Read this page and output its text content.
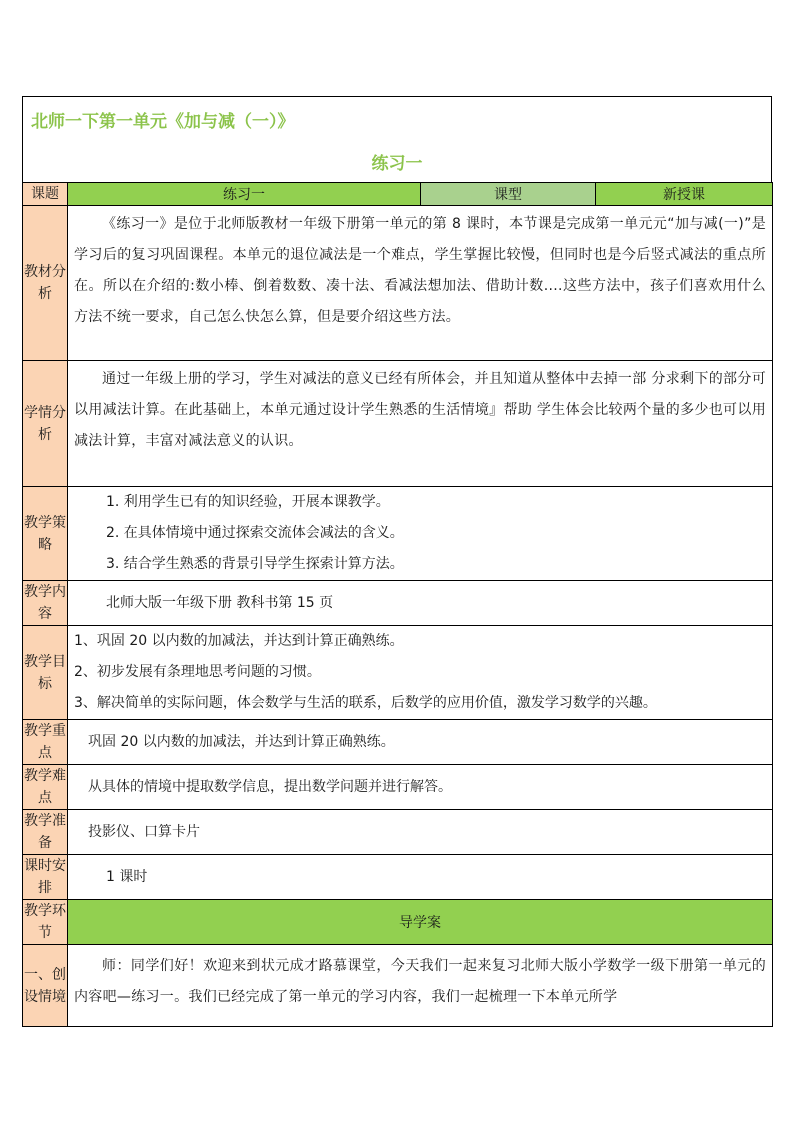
北师一下第一单元《加与减（一）》
练习一
课题	练习一	课型	新授课
教材分析	《练习一》是位于北师版教材一年级下册第一单元的第 8 课时，本节课是完成第一单元元“加与减(一)”是学习后的复习巩固课程。本单元的退位减法是一个难点，学生掌握比较慢，但同时也是今后竖式减法的重点所在。所以在介绍的:数小棒、倒着数数、凑十法、看减法想加法、借助计数....这些方法中，孩子们喜欢用什么方法不统一要求，自己怎么快怎么算，但是要介绍这些方法。		

学情分析	通过一年级上册的学习，学生对减法的意义已经有所体会，并且知道从整体中去掉一部 分求剩下的部分可以用减法计算。在此基础上，本单元通过设计学生熟悉的生活情境』帮助 学生体会比较两个量的多少也可以用减法计算，丰富对减法意义的认识。		

教学策略	1. 利用学生已有的知识经验，开展本课教学。
2. 在具体情境中通过探索交流体会减法的含义。
3. 结合学生熟悉的背景引导学生探索计算方法。		

教学内容	北师大版一年级下册 教科书第 15 页		

教学目标	1、巩固 20 以内数的加减法，并达到计算正确熟练。
2、初步发展有条理地思考问题的习惯。
3、解决简单的实际问题，体会数学与生活的联系，后数学的应用价值，激发学习数学的兴趣。		

教学重点	巩固 20 以内数的加减法，并达到计算正确熟练。		

教学难点	从具体的情境中提取数学信息，提出数学问题并进行解答。		

教学准备	投影仪、口算卡片		

课时安排	1 课时		

教学环节	导学案		
一、创设情境	师：同学们好！欢迎来到状元成才路慕课堂，今天我们一起来复习北师大版小学数学一级下册第一单元的内容吧—练习一。我们已经完成了第一单元的学习内容，我们一起梳理一下本单元所学		
